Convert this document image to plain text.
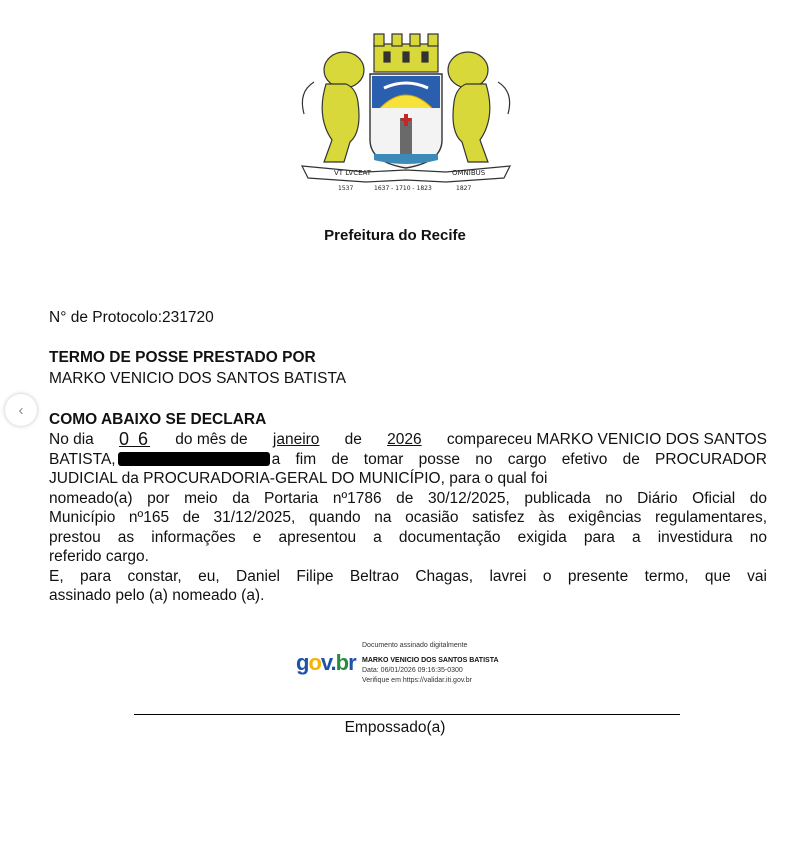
VT LVCEAT	OMNIBUS
1537	1637 - 1710 - 1823	1827
Prefeitura do Recife
‹
N° de Protocolo:231720
TERMO DE POSSE PRESTADO POR
MARKO VENICIO DOS SANTOS BATISTA
COMO ABAIXO SE DECLARA
No dia 0 6 do mês de janeiro de 2026 compareceu MARKO VENICIO DOS SANTOS
BATISTA,	a fim de tomar posse no cargo efetivo de PROCURADOR
JUDICIAL da PROCURADORIA-GERAL DO MUNICÍPIO, para o qual foi
nomeado(a) por meio da Portaria nº1786 de 30/12/2025, publicada no Diário Oficial do
Município nº165 de 31/12/2025, quando na ocasião satisfez às exigências regulamentares,
prestou as informações e apresentou a documentação exigida para a investidura no
referido cargo.
E, para constar, eu, Daniel Filipe Beltrao Chagas, lavrei o presente termo, que vai
assinado pelo (a) nomeado (a).
gov.br
Documento assinado digitalmente
MARKO VENICIO DOS SANTOS BATISTA
Data: 06/01/2026 09:16:35-0300
Verifique em https://validar.iti.gov.br
Empossado(a)
